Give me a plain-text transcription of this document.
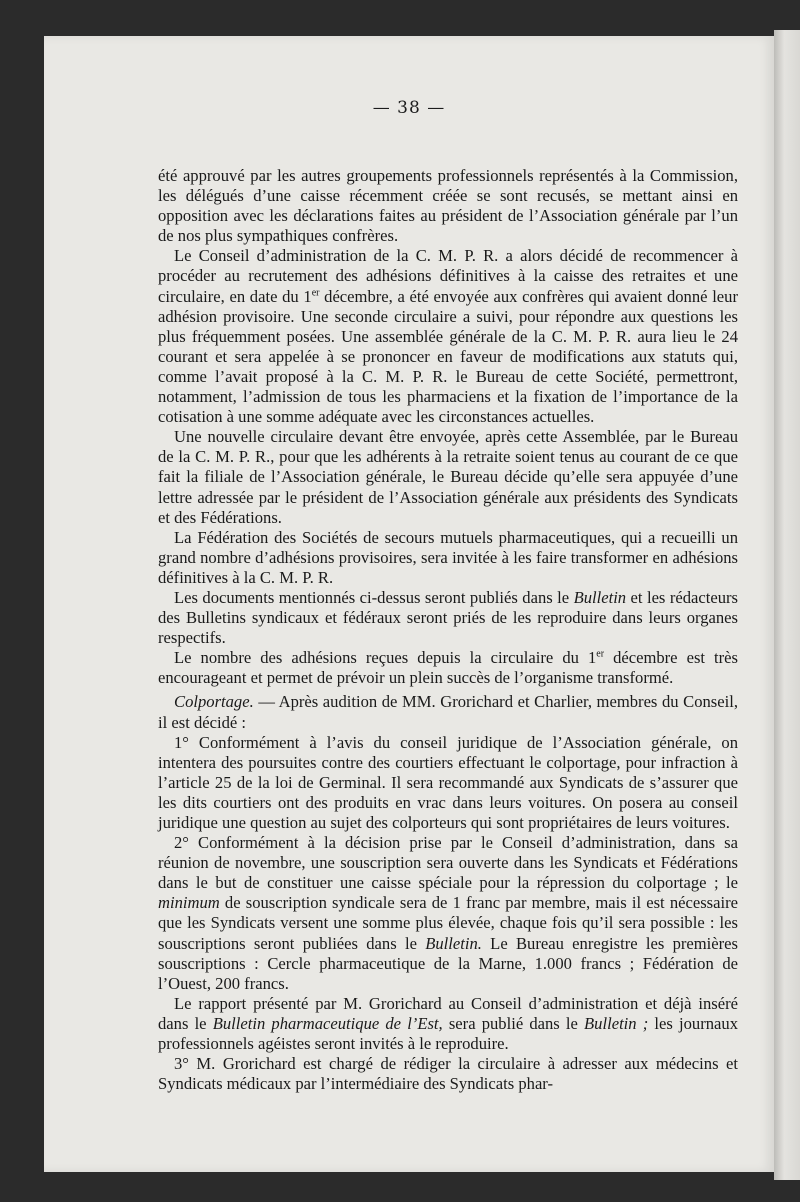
— 38 —

été approuvé par les autres groupements professionnels représentés à la Commission, les délégués d’une caisse récemment créée se sont recusés, se mettant ainsi en opposition avec les déclarations faites au président de l’Association générale par l’un de nos plus sympathiques confrères.

Le Conseil d’administration de la C. M. P. R. a alors décidé de recommencer à procéder au recrutement des adhésions définitives à la caisse des retraites et une circulaire, en date du 1er décembre, a été envoyée aux confrères qui avaient donné leur adhésion provisoire. Une seconde circulaire a suivi, pour répondre aux questions les plus fréquemment posées. Une assemblée générale de la C. M. P. R. aura lieu le 24 courant et sera appelée à se prononcer en faveur de modifications aux statuts qui, comme l’avait proposé à la C. M. P. R. le Bureau de cette Société, permettront, notamment, l’admission de tous les pharmaciens et la fixation de l’importance de la cotisation à une somme adéquate avec les circonstances actuelles.

Une nouvelle circulaire devant être envoyée, après cette Assemblée, par le Bureau de la C. M. P. R., pour que les adhérents à la retraite soient tenus au courant de ce que fait la filiale de l’Association générale, le Bureau décide qu’elle sera appuyée d’une lettre adressée par le président de l’Association générale aux présidents des Syndicats et des Fédérations.

La Fédération des Sociétés de secours mutuels pharmaceutiques, qui a recueilli un grand nombre d’adhésions provisoires, sera invitée à les faire transformer en adhésions définitives à la C. M. P. R.

Les documents mentionnés ci-dessus seront publiés dans le Bulletin et les rédacteurs des Bulletins syndicaux et fédéraux seront priés de les reproduire dans leurs organes respectifs.

Le nombre des adhésions reçues depuis la circulaire du 1er décembre est très encourageant et permet de prévoir un plein succès de l’organisme transformé.

Colportage. — Après audition de MM. Grorichard et Charlier, membres du Conseil, il est décidé :

1° Conformément à l’avis du conseil juridique de l’Association générale, on intentera des poursuites contre des courtiers effectuant le colportage, pour infraction à l’article 25 de la loi de Germinal. Il sera recommandé aux Syndicats de s’assurer que les dits courtiers ont des produits en vrac dans leurs voitures. On posera au conseil juridique une question au sujet des colporteurs qui sont propriétaires de leurs voitures.

2° Conformément à la décision prise par le Conseil d’administration, dans sa réunion de novembre, une souscription sera ouverte dans les Syndicats et Fédérations dans le but de constituer une caisse spéciale pour la répression du colportage ; le minimum de souscription syndicale sera de 1 franc par membre, mais il est nécessaire que les Syndicats versent une somme plus élevée, chaque fois qu’il sera possible : les souscriptions seront publiées dans le Bulletin. Le Bureau enregistre les premières souscriptions : Cercle pharmaceutique de la Marne, 1.000 francs ; Fédération de l’Ouest, 200 francs.

Le rapport présenté par M. Grorichard au Conseil d’administration et déjà inséré dans le Bulletin pharmaceutique de l’Est, sera publié dans le Bulletin ; les journaux professionnels agéistes seront invités à le reproduire.

3° M. Grorichard est chargé de rédiger la circulaire à adresser aux médecins et Syndicats médicaux par l’intermédiaire des Syndicats phar-
